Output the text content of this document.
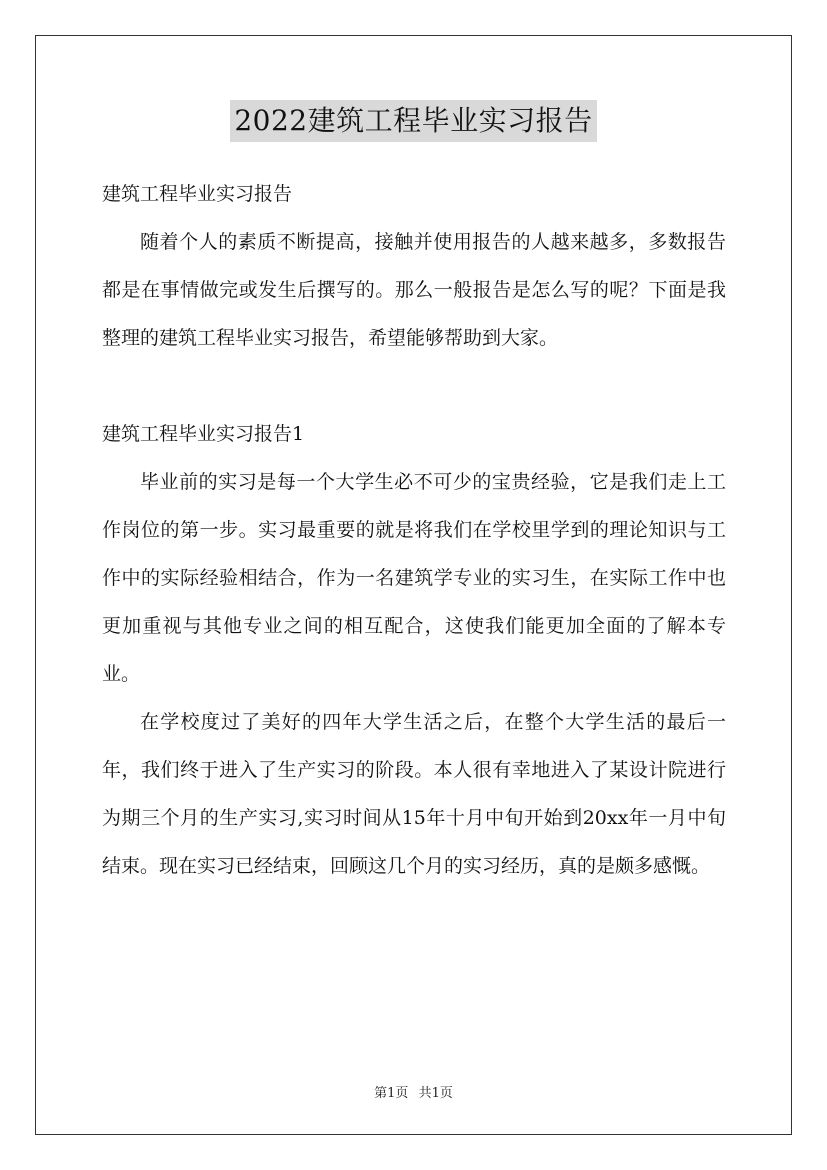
2022建筑工程毕业实习报告

建筑工程毕业实习报告

随着个人的素质不断提高，接触并使用报告的人越来越多，多数报告都是在事情做完或发生后撰写的。那么一般报告是怎么写的呢？下面是我整理的建筑工程毕业实习报告，希望能够帮助到大家。

建筑工程毕业实习报告1

毕业前的实习是每一个大学生必不可少的宝贵经验，它是我们走上工作岗位的第一步。实习最重要的就是将我们在学校里学到的理论知识与工作中的实际经验相结合，作为一名建筑学专业的实习生，在实际工作中也更加重视与其他专业之间的相互配合，这使我们能更加全面的了解本专业。

在学校度过了美好的四年大学生活之后，在整个大学生活的最后一年，我们终于进入了生产实习的阶段。本人很有幸地进入了某设计院进行为期三个月的生产实习,实习时间从15年十月中旬开始到20xx年一月中旬结束。现在实习已经结束，回顾这几个月的实习经历，真的是颇多感慨。

第1页 共1页
